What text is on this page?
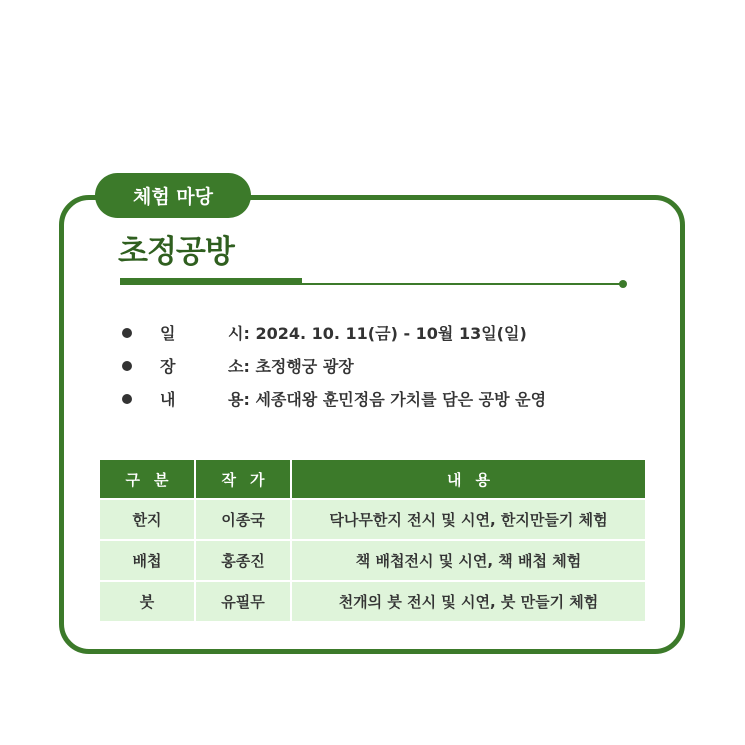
체험 마당
초정공방
일	시 : 2024. 10. 11(금) - 10월 13일(일)
장	소 : 초정행궁 광장
내	용 : 세종대왕 훈민정음 가치를 담은 공방 운영
구분	작가	내용
한지	이종국	닥나무한지 전시 및 시연, 한지만들기 체험
배첩	홍종진	책 배첩전시 및 시연, 책 배첩 체험
붓	유필무	천개의 붓 전시 및 시연, 붓 만들기 체험
